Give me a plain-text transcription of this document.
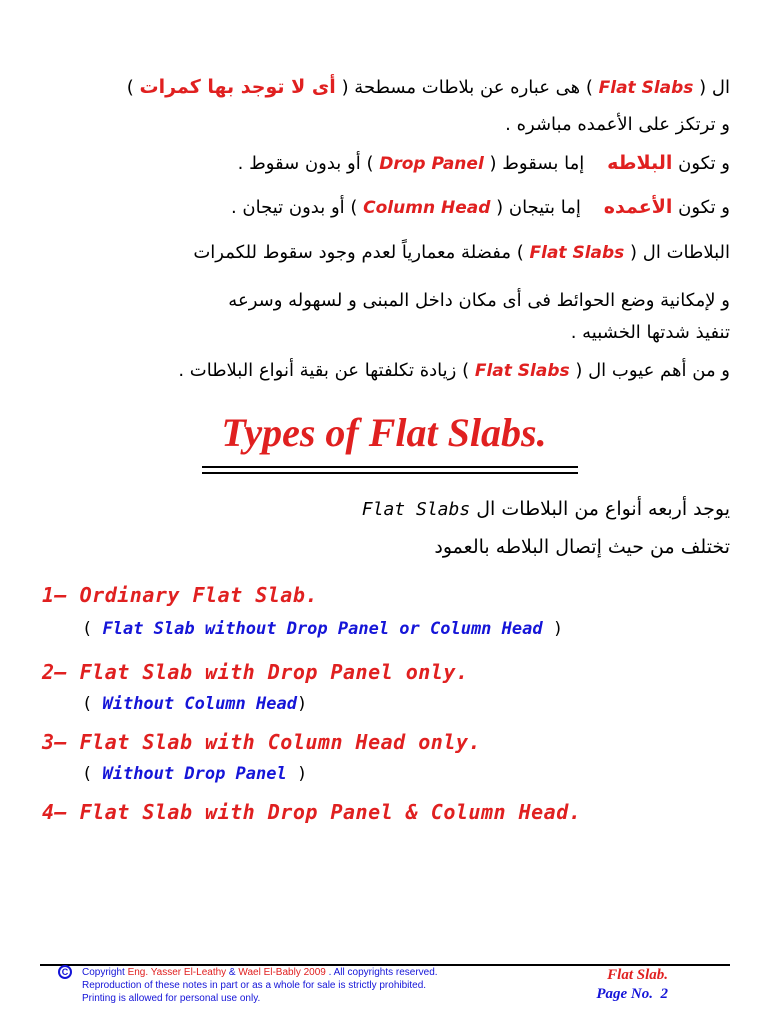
ال ( Flat Slabs ) هى عباره عن بلاطات مسطحة ( أى لا توجد بها كمرات )
و ترتكز على الأعمده مباشره .
و تكون البلاطه    إما بسقوط ( Drop Panel ) أو بدون سقوط .
و تكون الأعمده    إما بتيجان ( Column Head ) أو بدون تيجان .
البلاطات ال ( Flat Slabs ) مفضلة معمارياً لعدم وجود سقوط للكمرات
و لإمكانية وضع الحوائط فى أى مكان داخل المبنى و لسهوله وسرعه
تنفيذ شدتها الخشبيه .
و من أهم عيوب ال ( Flat Slabs ) زيادة تكلفتها عن بقية أنواع البلاطات .
Types of Flat Slabs.
يوجد أربعه أنواع من البلاطات ال Flat Slabs
تختلف من حيث إتصال البلاطه بالعمود
1– Ordinary Flat Slab.
( Flat Slab without Drop Panel or Column Head )
2– Flat Slab with Drop Panel only.
( Without Column Head)
3– Flat Slab with Column Head only.
( Without Drop Panel )
4– Flat Slab with Drop Panel & Column Head.
C	Copyright Eng. Yasser El-Leathy & Wael El-Bably 2009 . All copyrights reserved.
Reproduction of these notes in part or as a whole for sale is strictly prohibited.
Printing is allowed for personal use only.
Flat Slab.
Page No. 2
